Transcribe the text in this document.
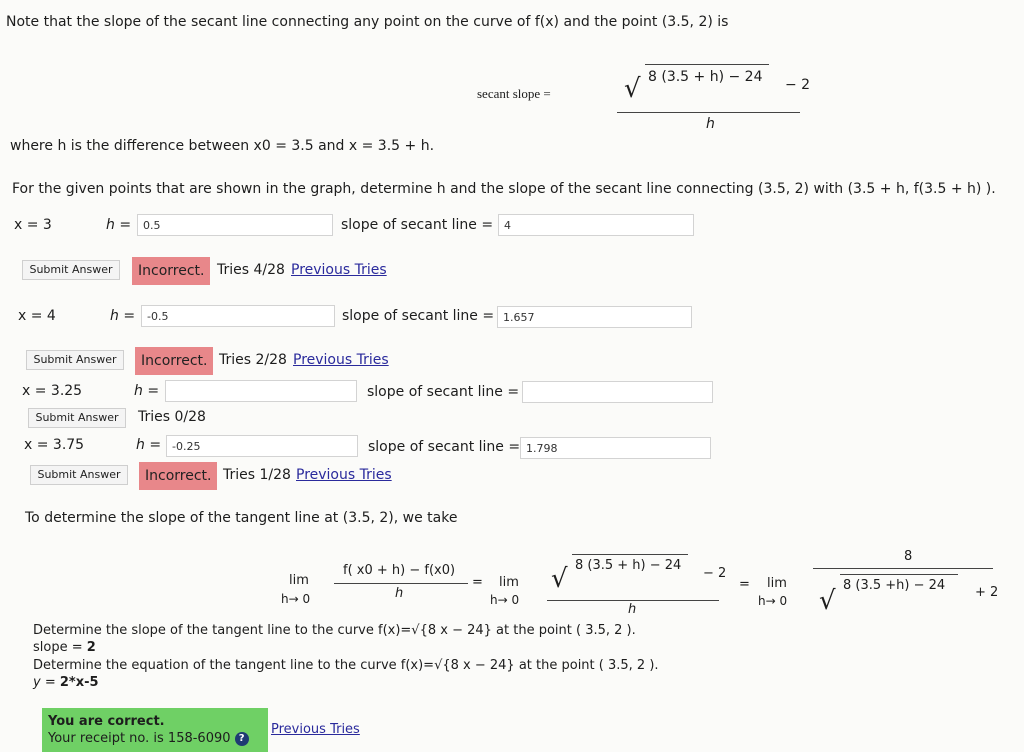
Note that the slope of the secant line connecting any point on the curve of f(x) and the point (3.5, 2) is
secant slope =	√ 8 (3.5 + h) − 24 − 2
h
where h is the difference between x0 = 3.5 and x = 3.5 + h.
For the given points that are shown in the graph, determine h and the slope of the secant line connecting (3.5, 2) with (3.5 + h, f(3.5 + h) ).
x = 3	h =	0.5	slope of secant line = 4
Submit Answer	Incorrect. Tries 4/28 Previous Tries
x = 4	h =	-0.5	slope of secant line = 1.657
Submit Answer	Incorrect. Tries 2/28 Previous Tries
x = 3.25	h =	slope of secant line =
Submit Answer	Tries 0/28
x = 3.75	h = -0.25	slope of secant line = 1.798
Submit Answer	Incorrect. Tries 1/28 Previous Tries
To determine the slope of the tangent line at (3.5, 2), we take
lim
h→ 0
f( x0 + h) − f(x0)
h
= lim
h→ 0
√ 8 (3.5 + h) − 24
− 2
h
= lim
h→ 0
8
√
8 (3.5 +h) − 24 + 2
Determine the slope of the tangent line to the curve f(x)=√{8 x − 24} at the point ( 3.5, 2 ).
slope = 2
Determine the equation of the tangent line to the curve f(x)=√{8 x − 24} at the point ( 3.5, 2 ).
y = 2*x-5
You are correct.
Your receipt no. is 158-6090 ?
Previous Tries
